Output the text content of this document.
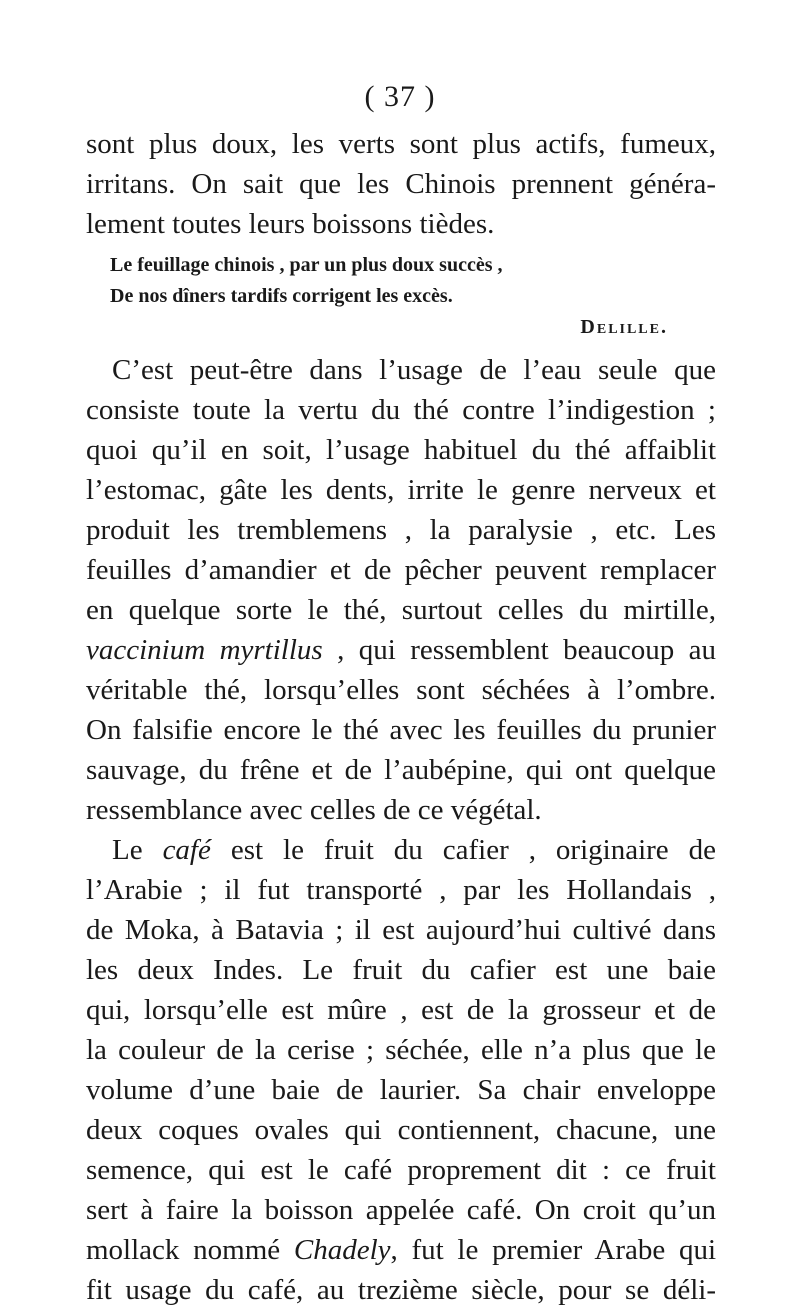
( 37 )
sont plus doux, les verts sont plus actifs, fumeux,
irritans. On sait que les Chinois prennent généra-
lement toutes leurs boissons tièdes.
Le feuillage chinois , par un plus doux succès ,
De nos dîners tardifs corrigent les excès.
Delille.
C’est peut-être dans l’usage de l’eau seule que
consiste toute la vertu du thé contre l’indigestion ;
quoi qu’il en soit, l’usage habituel du thé affaiblit
l’estomac, gâte les dents, irrite le genre nerveux et
produit les tremblemens , la paralysie , etc. Les
feuilles d’amandier et de pêcher peuvent remplacer
en quelque sorte le thé, surtout celles du mirtille,
vaccinium myrtillus , qui ressemblent beaucoup au
véritable thé, lorsqu’elles sont séchées à l’ombre.
On falsifie encore le thé avec les feuilles du prunier
sauvage, du frêne et de l’aubépine, qui ont quelque
ressemblance avec celles de ce végétal.
Le café est le fruit du cafier , originaire de
l’Arabie ; il fut transporté , par les Hollandais ,
de Moka, à Batavia ; il est aujourd’hui cultivé dans
les deux Indes. Le fruit du cafier est une baie
qui, lorsqu’elle est mûre , est de la grosseur et de
la couleur de la cerise ; séchée, elle n’a plus que le
volume d’une baie de laurier. Sa chair enveloppe
deux coques ovales qui contiennent, chacune, une
semence, qui est le café proprement dit : ce fruit
sert à faire la boisson appelée café. On croit qu’un
mollack nommé Chadely, fut le premier Arabe qui
fit usage du café, au trezième siècle, pour se déli-
